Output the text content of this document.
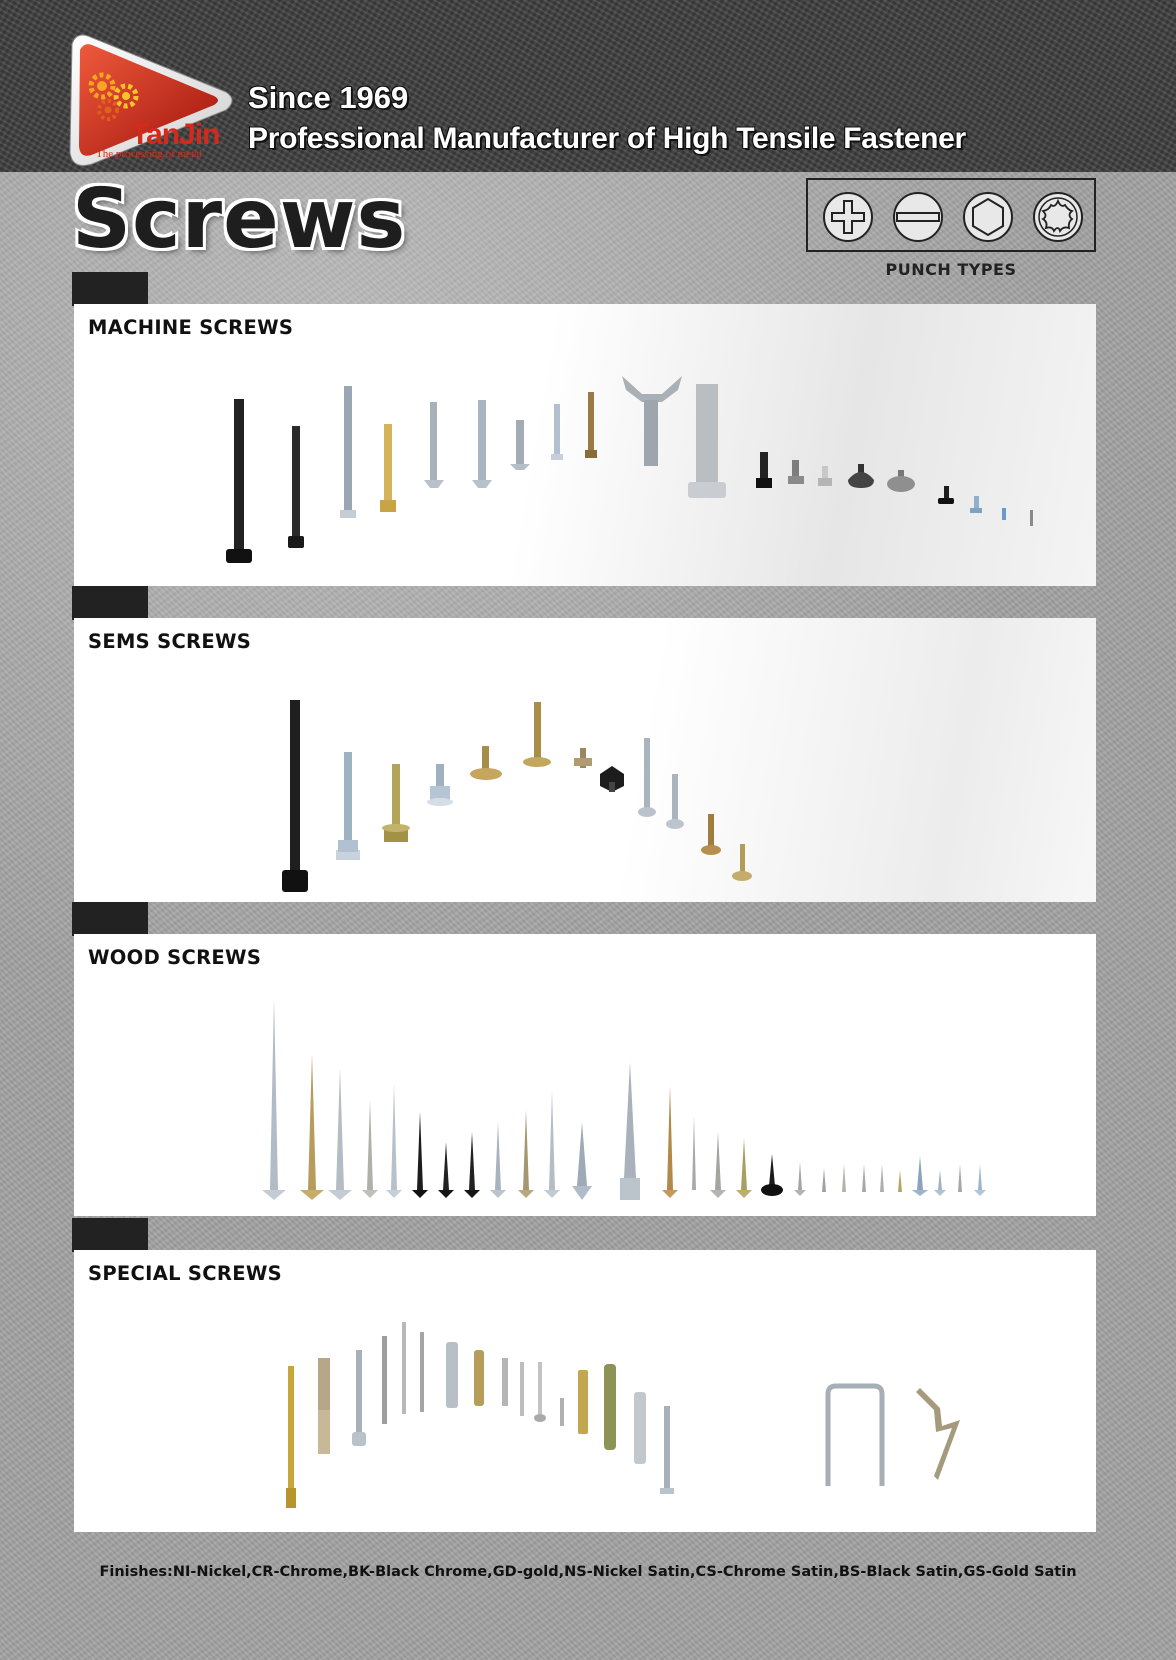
TanJin
The processing of metal
Since 1969
Professional Manufacturer of High Tensile Fastener
Screws
PUNCH TYPES
MACHINE SCREWS
SEMS SCREWS
WOOD SCREWS
SPECIAL SCREWS
Finishes:NI-Nickel,CR-Chrome,BK-Black Chrome,GD-gold,NS-Nickel Satin,CS-Chrome Satin,BS-Black Satin,GS-Gold Satin
